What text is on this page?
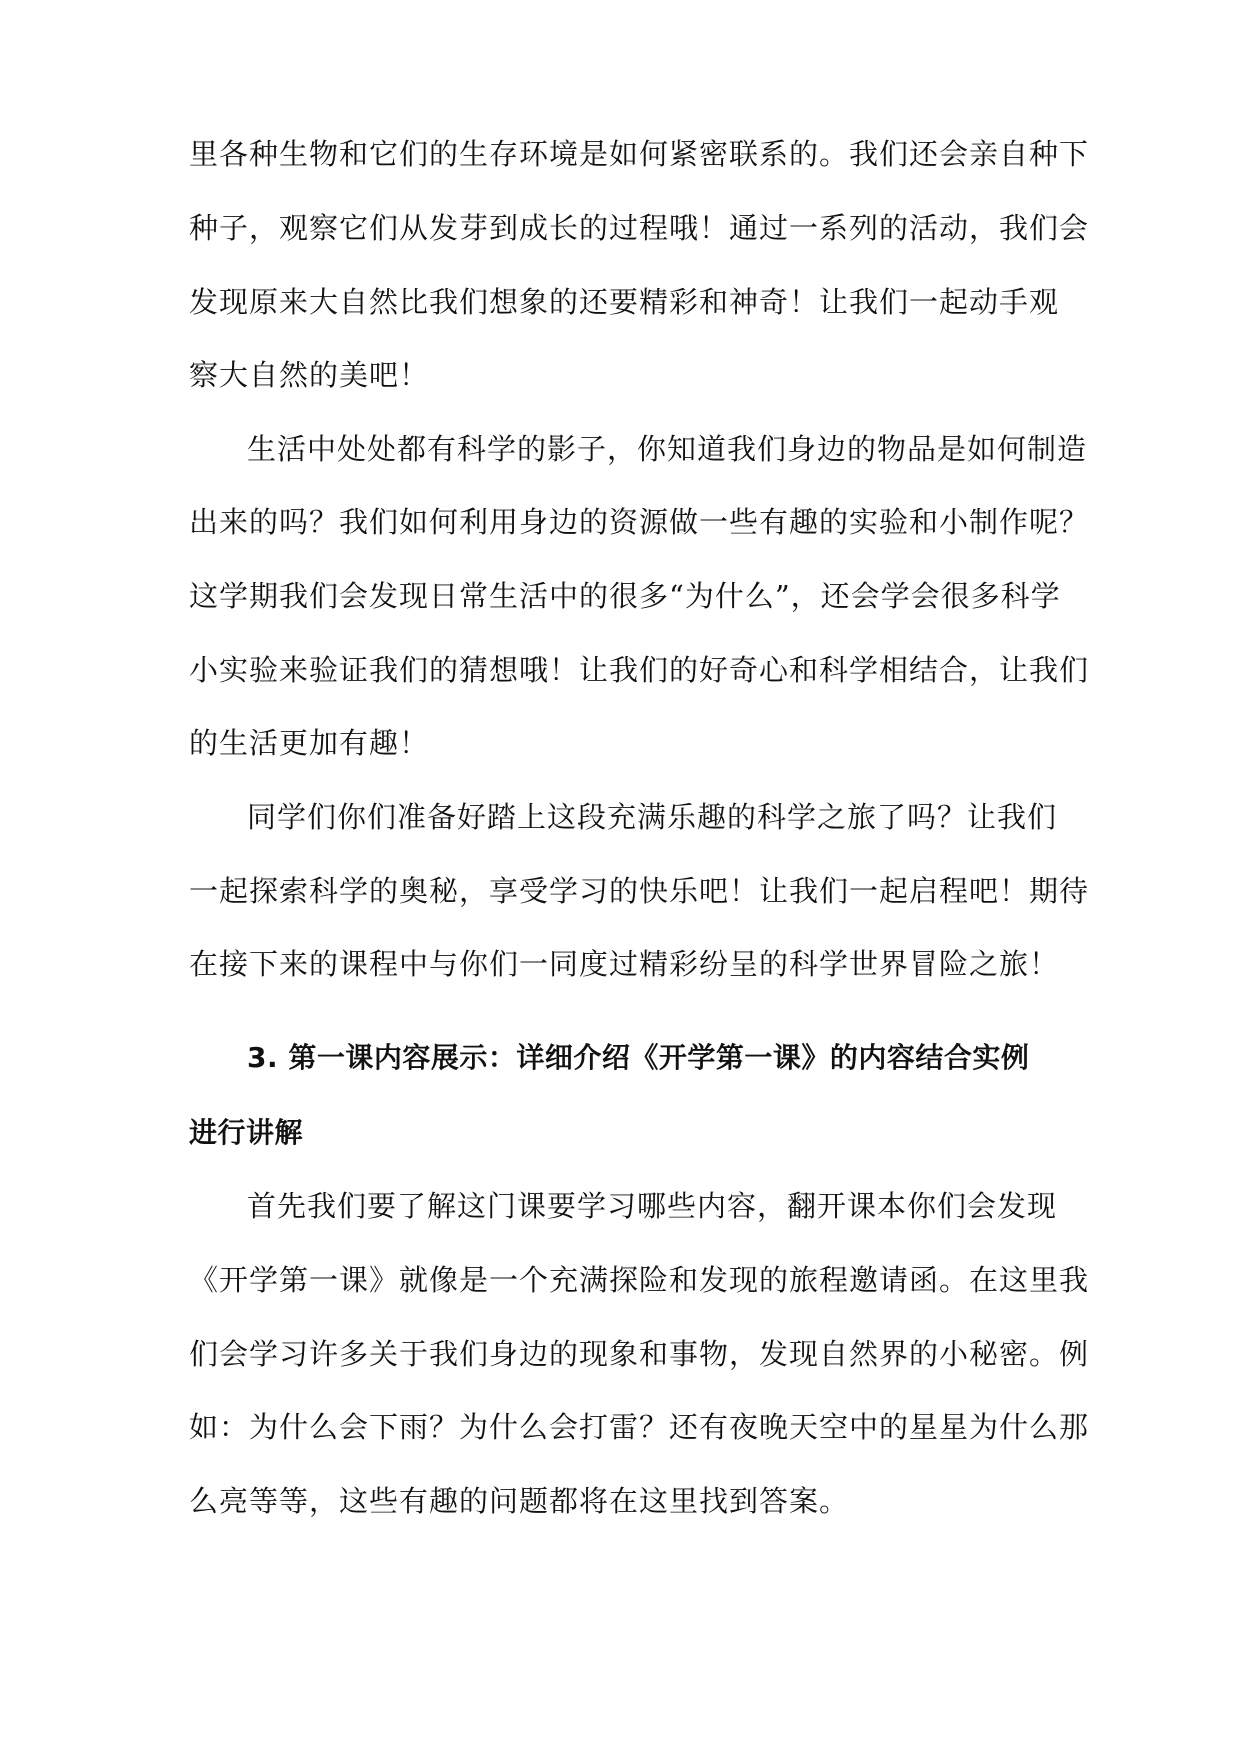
里各种生物和它们的生存环境是如何紧密联系的。我们还会亲自种下
种子，观察它们从发芽到成长的过程哦！通过一系列的活动，我们会
发现原来大自然比我们想象的还要精彩和神奇！让我们一起动手观
察大自然的美吧！
生活中处处都有科学的影子，你知道我们身边的物品是如何制造
出来的吗？我们如何利用身边的资源做一些有趣的实验和小制作呢？
这学期我们会发现日常生活中的很多“为什么”，还会学会很多科学
小实验来验证我们的猜想哦！让我们的好奇心和科学相结合，让我们
的生活更加有趣！
同学们你们准备好踏上这段充满乐趣的科学之旅了吗？让我们
一起探索科学的奥秘，享受学习的快乐吧！让我们一起启程吧！期待
在接下来的课程中与你们一同度过精彩纷呈的科学世界冒险之旅！
3. 第一课内容展示：详细介绍《开学第一课》的内容结合实例
进行讲解
首先我们要了解这门课要学习哪些内容，翻开课本你们会发现
《开学第一课》就像是一个充满探险和发现的旅程邀请函。在这里我
们会学习许多关于我们身边的现象和事物，发现自然界的小秘密。例
如：为什么会下雨？为什么会打雷？还有夜晚天空中的星星为什么那
么亮等等，这些有趣的问题都将在这里找到答案。
